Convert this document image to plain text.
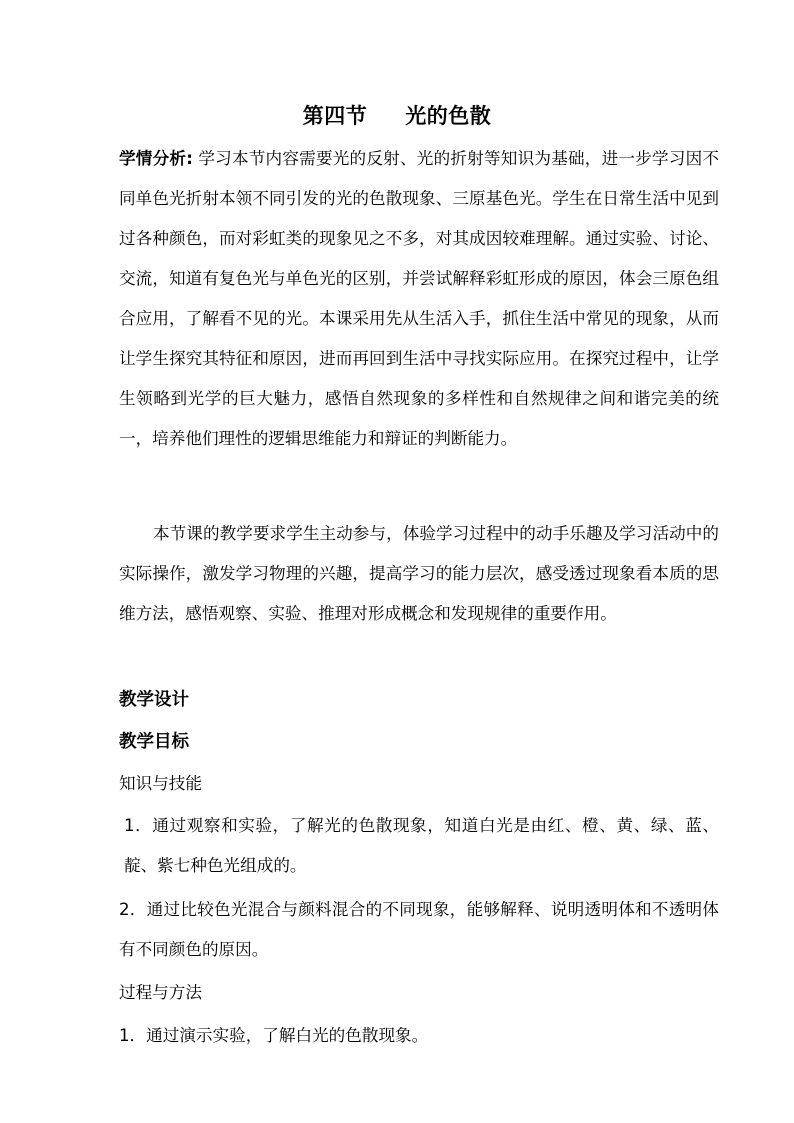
第四节 光的色散
学情分析: 学习本节内容需要光的反射、光的折射等知识为基础，进一步学习因不同单色光折射本领不同引发的光的色散现象、三原基色光。学生在日常生活中见到过各种颜色，而对彩虹类的现象见之不多，对其成因较难理解。通过实验、讨论、交流，知道有复色光与单色光的区别，并尝试解释彩虹形成的原因，体会三原色组合应用，了解看不见的光。本课采用先从生活入手，抓住生活中常见的现象，从而让学生探究其特征和原因，进而再回到生活中寻找实际应用。在探究过程中，让学生领略到光学的巨大魅力，感悟自然现象的多样性和自然规律之间和谐完美的统一，培养他们理性的逻辑思维能力和辩证的判断能力。
本节课的教学要求学生主动参与，体验学习过程中的动手乐趣及学习活动中的实际操作，激发学习物理的兴趣，提高学习的能力层次，感受透过现象看本质的思维方法，感悟观察、实验、推理对形成概念和发现规律的重要作用。
教学设计
教学目标
知识与技能
1．通过观察和实验，了解光的色散现象，知道白光是由红、橙、黄、绿、蓝、靛、紫七种色光组成的。
2．通过比较色光混合与颜料混合的不同现象，能够解释、说明透明体和不透明体有不同颜色的原因。
过程与方法
1．通过演示实验，了解白光的色散现象。
